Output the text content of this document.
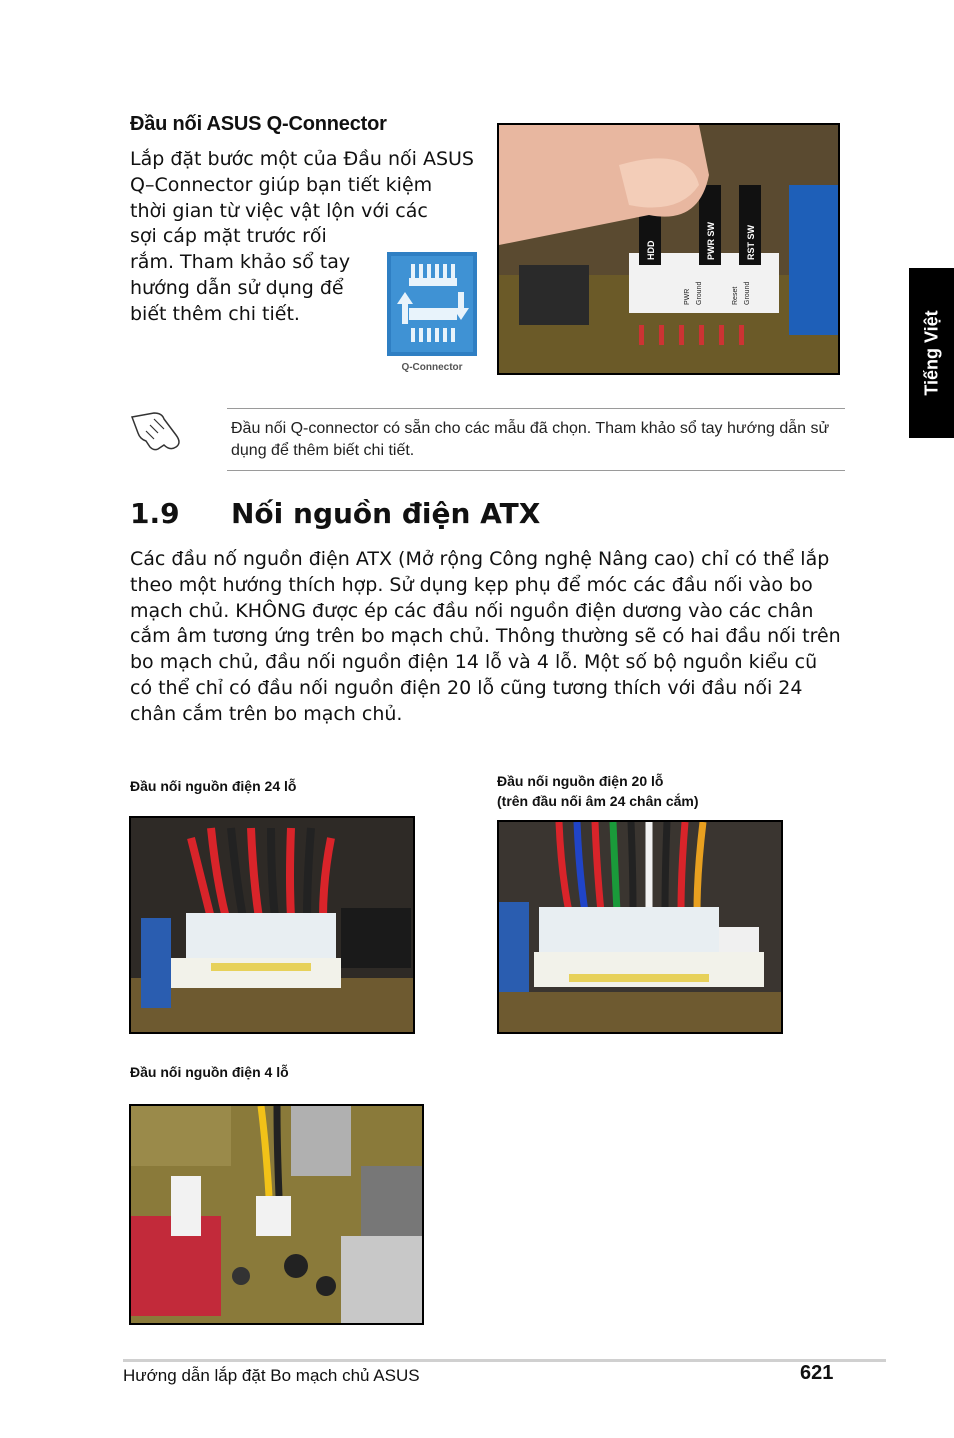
Đầu nối ASUS Q-Connector
Lắp đặt bước một của Đầu nối ASUS
Q–Connector giúp bạn tiết kiệm
thời gian từ việc vật lộn với các
sợi cáp mặt trước rối
rắm. Tham khảo sổ tay
hướng dẫn sử dụng để
biết thêm chi tiết.
Q-Connector
HDD	PWR SW	RST SW
PWR Ground	Reset Ground
Tiếng Việt
Đầu nối Q-connector có sẵn cho các mẫu đã chọn. Tham khảo sổ tay hướng dẫn sử dụng để thêm biết chi tiết.
1.9 Nối nguồn điện ATX
Các đầu nố nguồn điện ATX (Mở rộng Công nghệ Nâng cao) chỉ có thể lắp
theo một hướng thích hợp. Sử dụng kẹp phụ để móc các đầu nối vào bo
mạch chủ. KHÔNG được ép các đầu nối nguồn điện dương vào các chân
cắm âm tương ứng trên bo mạch chủ. Thông thường sẽ có hai đầu nối trên
bo mạch chủ, đầu nối nguồn điện 14 lỗ và 4 lỗ. Một số bộ nguồn kiểu cũ
có thể chỉ có đầu nối nguồn điện 20 lỗ cũng tương thích với đầu nối 24
chân cắm trên bo mạch chủ.
Đầu nối nguồn điện 24 lỗ	Đầu nối nguồn điện 20 lỗ
(trên đầu nối âm 24 chân cắm)
Đầu nối nguồn điện 4 lỗ
Hướng dẫn lắp đặt Bo mạch chủ ASUS	621
